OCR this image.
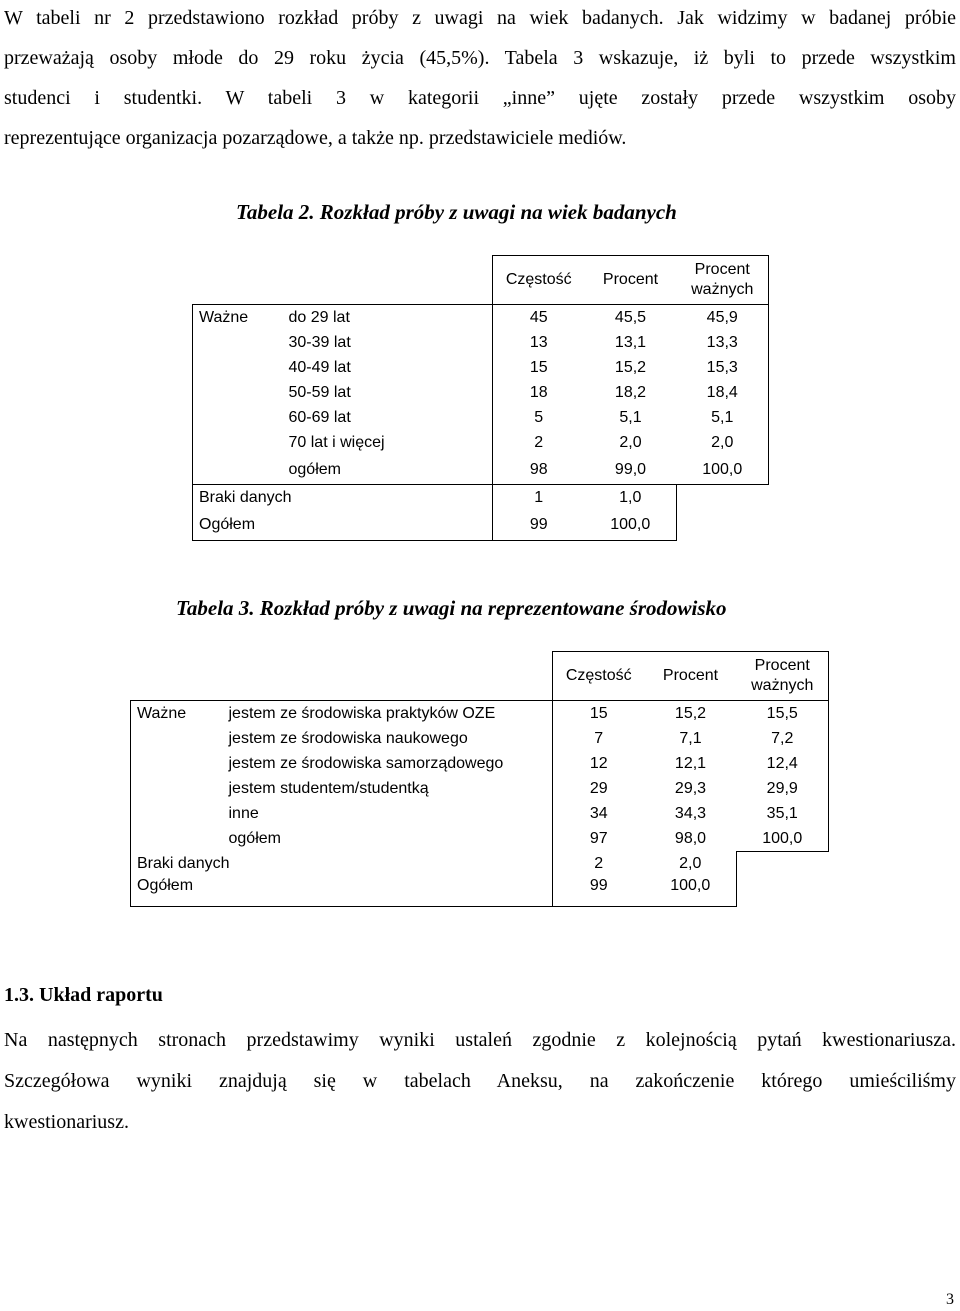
W tabeli nr 2 przedstawiono rozkład próby z uwagi na wiek badanych. Jak widzimy w badanej próbie
przeważają osoby młode do 29 roku życia (45,5%). Tabela 3 wskazuje, iż byli to przede wszystkim
studenci i studentki. W tabeli 3 w kategorii „inne” ujęte zostały przede wszystkim osoby
reprezentujące organizacja pozarządowe, a także np. przedstawiciele mediów.
Tabela 2. Rozkład próby z uwagi na wiek badanych
		Częstość	Procent	Procent
ważnych
Ważne	do 29 lat	45	45,5	45,9
	30-39 lat	13	13,1	13,3
	40-49 lat	15	15,2	15,3
	50-59 lat	18	18,2	18,4
	60-69 lat	5	5,1	5,1
	70 lat i więcej	2	2,0	2,0
	ogółem	98	99,0	100,0
Braki danych		1	1,0	
Ogółem		99	100,0	
Tabela 3. Rozkład próby z uwagi na reprezentowane środowisko
		Częstość	Procent	Procent
ważnych
Ważne	jestem ze środowiska praktyków OZE	15	15,2	15,5
	jestem ze środowiska naukowego	7	7,1	7,2
	jestem ze środowiska samorządowego	12	12,1	12,4
	jestem studentem/studentką	29	29,3	29,9
	inne	34	34,3	35,1
	ogółem	97	98,0	100,0
Braki danych		2	2,0	
Ogółem		99	100,0	
1.3. Układ raportu
Na następnych stronach przedstawimy wyniki ustaleń zgodnie z kolejnością pytań kwestionariusza.
Szczegółowa wyniki znajdują się w tabelach Aneksu, na zakończenie którego umieściliśmy
kwestionariusz.
3
